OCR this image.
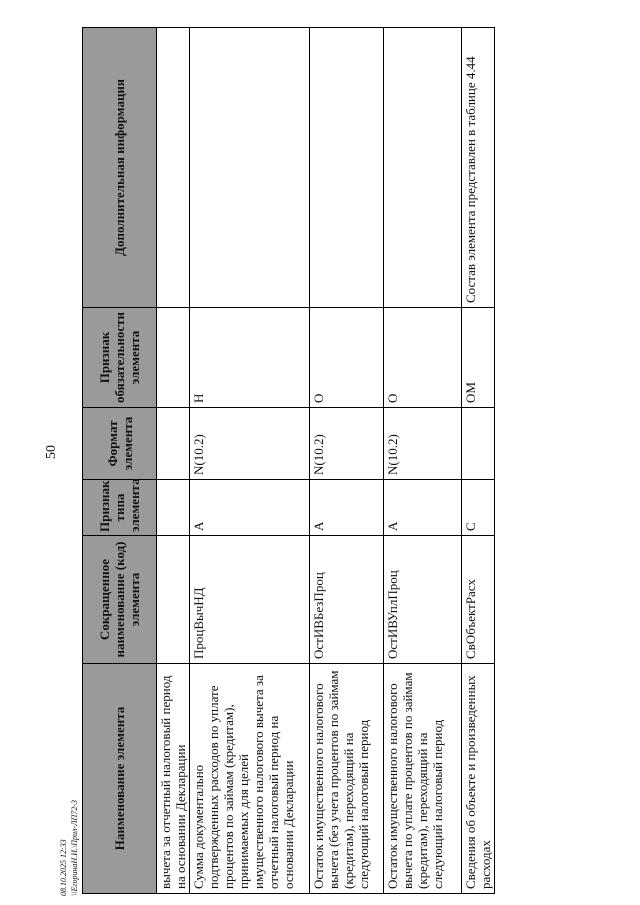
50
08.10.2025 12:33 \\ЕгоринаН.И.\Прил-ЛП72-3	Наименование элемента	Сокращенное наименование (код) элемента	Признак типа элемента	Формат элемента	Признак обязательности элемента	Дополнительная информация
вычета за отчетный налоговый период на основании Декларации					
Сумма документально подтвержденных расходов по уплате процентов по займам (кредитам), принимаемых для целей имущественного налогового вычета за отчетный налоговый период на основании Декларации	ПроцВычНД	А	N(10.2)	Н	
Остаток имущественного налогового вычета (без учета процентов по займам (кредитам), переходящий на следующий налоговый период	ОстИВБезПроц	А	N(10.2)	О	
Остаток имущественного налогового вычета по уплате процентов по займам (кредитам), переходящий на следующий налоговый период	ОстИВУплПроц	А	N(10.2)	О	
Сведения об объекте и произведенных расходах	СвОбъектРасх	С		ОМ	Состав элемента представлен в таблице 4.44
